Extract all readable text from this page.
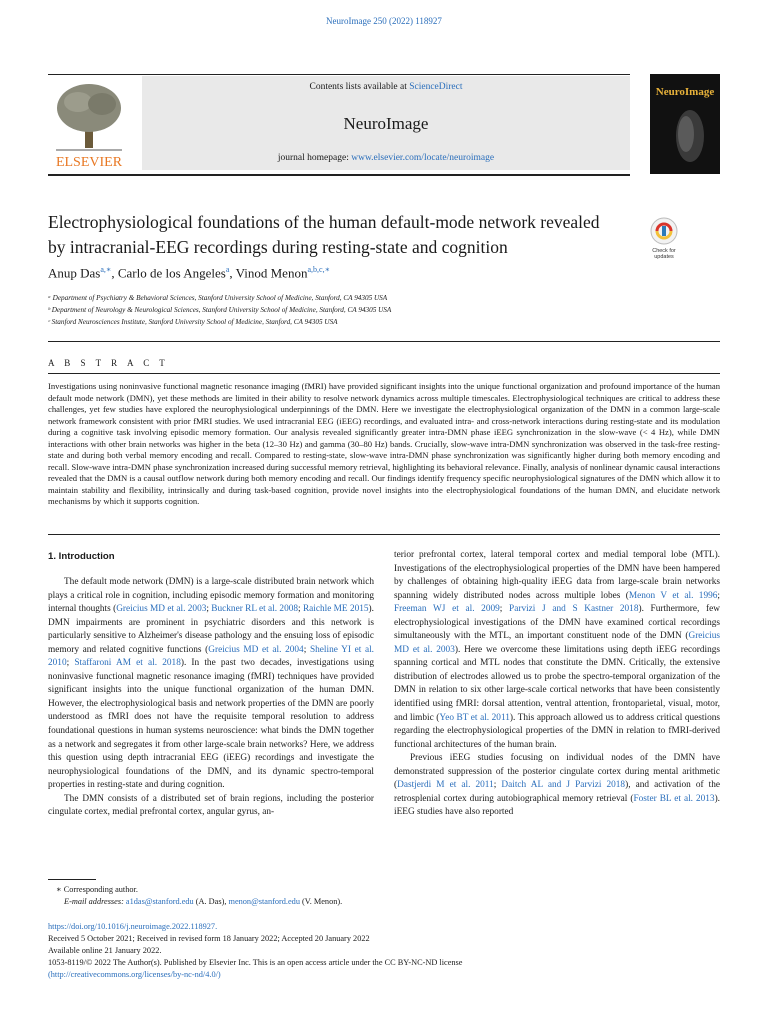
NeuroImage 250 (2022) 118927
ELSEVIER
Contents lists available at ScienceDirect
NeuroImage
journal homepage: www.elsevier.com/locate/neuroimage
NeuroImage
Electrophysiological foundations of the human default-mode network revealed by intracranial-EEG recordings during resting-state and cognition	Check for
updates
Anup Das$^{a,∗}$, Carlo de los Angeles$^a$, Vinod Menon$^{a,b,c,∗}$
ᵃ Department of Psychiatry & Behavioral Sciences, Stanford University School of Medicine, Stanford, CA 94305 USA
ᵇ Department of Neurology & Neurological Sciences, Stanford University School of Medicine, Stanford, CA 94305 USA
ᶜ Stanford Neurosciences Institute, Stanford University School of Medicine, Stanford, CA 94305 USA
A B S T R A C T
Investigations using noninvasive functional magnetic resonance imaging (fMRI) have provided significant insights into the unique functional organization and profound importance of the human default mode network (DMN), yet these methods are limited in their ability to resolve network dynamics across multiple timescales. Electrophysiological techniques are critical to address these challenges, yet few studies have explored the neurophysiological underpinnings of the DMN. Here we investigate the electrophysiological organization of the DMN in a common large-scale network framework consistent with prior fMRI studies. We used intracranial EEG (iEEG) recordings, and evaluated intra- and cross-network interactions during resting-state and its modulation during a cognitive task involving episodic memory formation. Our analysis revealed significantly greater intra-DMN phase iEEG synchronization in the slow-wave (< 4 Hz), while DMN interactions with other brain networks was higher in the beta (12–30 Hz) and gamma (30–80 Hz) bands. Crucially, slow-wave intra-DMN synchronization was observed in the task-free resting-state and during both verbal memory encoding and recall. Compared to resting-state, slow-wave intra-DMN phase synchronization was significantly higher during both memory encoding and recall. Slow-wave intra-DMN phase synchronization increased during successful memory retrieval, highlighting its behavioral relevance. Finally, analysis of nonlinear dynamic causal interactions revealed that the DMN is a causal outflow network during both memory encoding and recall. Our findings identify frequency specific neurophysiological signatures of the DMN which allow it to maintain stability and flexibility, intrinsically and during task-based cognition, provide novel insights into the electrophysiological foundations of the human DMN, and elucidate network mechanisms by which it supports cognition.
1. Introduction

The default mode network (DMN) is a large-scale distributed brain network which plays a critical role in cognition, including episodic memory formation and monitoring internal thoughts (Greicius MD et al. 2003; Buckner RL et al. 2008; Raichle ME 2015). DMN impairments are prominent in psychiatric disorders and this network is particularly sensitive to Alzheimer's disease pathology and the ensuing loss of episodic memory and related cognitive functions (Greicius MD et al. 2004; Sheline YI et al. 2010; Staffaroni AM et al. 2018). In the past two decades, investigations using noninvasive functional magnetic resonance imaging (fMRI) techniques have provided significant insights into the unique functional organization of the human DMN. However, the electrophysiological basis and network properties of the DMN are poorly understood as fMRI does not have the requisite temporal resolution to address foundational questions in human systems neuroscience: what binds the DMN together as a network and segregates it from other large-scale brain networks? Here, we address this question using depth intracranial EEG (iEEG) recordings and investigate the neurophysiological foundations of the DMN, and its dynamic spectro-temporal properties in resting-state and during cognition.

The DMN consists of a distributed set of brain regions, including the posterior cingulate cortex, medial prefrontal cortex, angular gyrus, an-

terior prefrontal cortex, lateral temporal cortex and medial temporal lobe (MTL). Investigations of the electrophysiological properties of the DMN have been hampered by challenges of obtaining high-quality iEEG data from large-scale brain networks spanning widely distributed nodes across multiple lobes (Menon V et al. 1996; Freeman WJ et al. 2009; Parvizi J and S Kastner 2018). Furthermore, few electrophysiological investigations of the DMN have examined cortical recordings simultaneously with the MTL, an important constituent node of the DMN (Greicius MD et al. 2003). Here we overcome these limitations using depth iEEG recordings spanning cortical and MTL nodes that constitute the DMN. Critically, the extensive distribution of electrodes allowed us to probe the spectro-temporal organization of the DMN in relation to six other large-scale cortical networks that have been consistently identified using fMRI: dorsal attention, ventral attention, frontoparietal, visual, motor, and limbic (Yeo BT et al. 2011). This approach allowed us to address critical questions regarding the electrophysiological properties of the DMN in relation to fMRI-derived functional architectures of the human brain.

Previous iEEG studies focusing on individual nodes of the DMN have demonstrated suppression of the posterior cingulate cortex during mental arithmetic (Dastjerdi M et al. 2011; Daitch AL and J Parvizi 2018), and activation of the retrosplenial cortex during autobiographical memory retrieval (Foster BL et al. 2013). iEEG studies have also reported

∗ Corresponding author.
E-mail addresses: a1das@stanford.edu (A. Das), menon@stanford.edu (V. Menon).
https://doi.org/10.1016/j.neuroimage.2022.118927.
Received 5 October 2021; Received in revised form 18 January 2022; Accepted 20 January 2022
Available online 21 January 2022.
1053-8119/© 2022 The Author(s). Published by Elsevier Inc. This is an open access article under the CC BY-NC-ND license
(http://creativecommons.org/licenses/by-nc-nd/4.0/)
